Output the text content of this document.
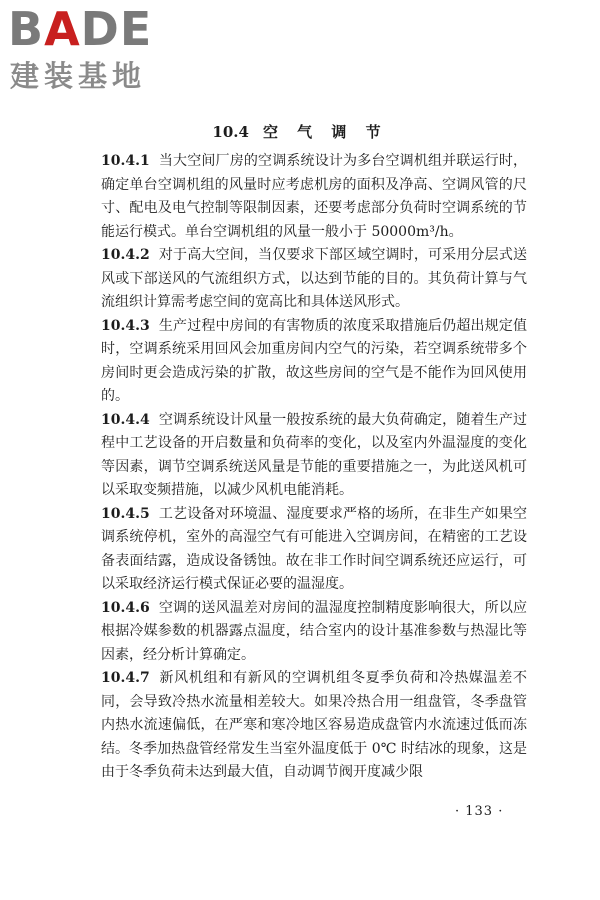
BADE
建装基地
10.4 空 气 调 节

10.4.1 当大空间厂房的空调系统设计为多台空调机组并联运行时，确定单台空调机组的风量时应考虑机房的面积及净高、空调风管的尺寸、配电及电气控制等限制因素，还要考虑部分负荷时空调系统的节能运行模式。单台空调机组的风量一般小于 50000m³/h。

10.4.2 对于高大空间，当仅要求下部区域空调时，可采用分层式送风或下部送风的气流组织方式，以达到节能的目的。其负荷计算与气流组织计算需考虑空间的宽高比和具体送风形式。

10.4.3 生产过程中房间的有害物质的浓度采取措施后仍超出规定值时，空调系统采用回风会加重房间内空气的污染，若空调系统带多个房间时更会造成污染的扩散，故这些房间的空气是不能作为回风使用的。

10.4.4 空调系统设计风量一般按系统的最大负荷确定，随着生产过程中工艺设备的开启数量和负荷率的变化，以及室内外温湿度的变化等因素，调节空调系统送风量是节能的重要措施之一，为此送风机可以采取变频措施，以减少风机电能消耗。

10.4.5 工艺设备对环境温、湿度要求严格的场所，在非生产如果空调系统停机，室外的高湿空气有可能进入空调房间，在精密的工艺设备表面结露，造成设备锈蚀。故在非工作时间空调系统还应运行，可以采取经济运行模式保证必要的温湿度。

10.4.6 空调的送风温差对房间的温湿度控制精度影响很大，所以应根据冷媒参数的机器露点温度，结合室内的设计基准参数与热湿比等因素，经分析计算确定。

10.4.7 新风机组和有新风的空调机组冬夏季负荷和冷热媒温差不同，会导致冷热水流量相差较大。如果冷热合用一组盘管，冬季盘管内热水流速偏低，在严寒和寒冷地区容易造成盘管内水流速过低而冻结。冬季加热盘管经常发生当室外温度低于 0℃ 时结冰的现象，这是由于冬季负荷未达到最大值，自动调节阀开度减少限

· 133 ·
